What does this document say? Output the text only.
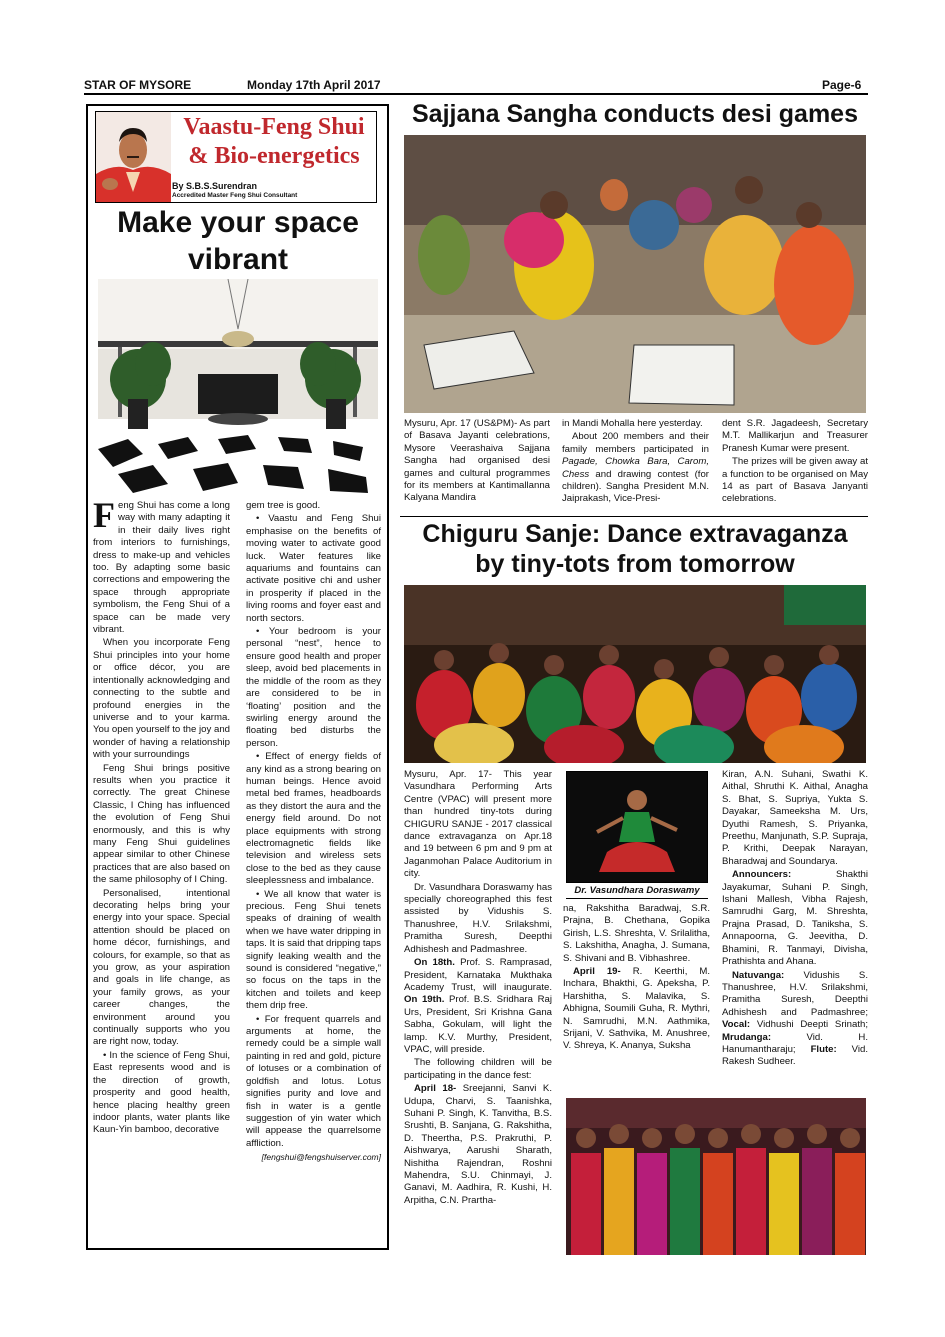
STAR OF MYSORE	Monday 17th April 2017	Page-6
Vaastu-Feng Shui
& Bio-energetics
By S.B.S.Surendran
Accredited Master Feng Shui Consultant
Make your space vibrant

Feng Shui has come a long way with many adapting it in their daily lives right from interiors to furnishings, dress to make-up and vehicles too. By adapting some basic corrections and empowering the space through appropriate symbolism, the Feng Shui of a space can be made very vibrant.

When you incorporate Feng Shui principles into your home or office décor, you are intentionally acknowledging and connecting to the subtle and profound energies in the universe and to your karma. You open yourself to the joy and wonder of having a relationship with your surroundings

Feng Shui brings positive results when you practice it correctly. The great Chinese Classic, I Ching has influenced the evolution of Feng Shui enormously, and this is why many Feng Shui guidelines appear similar to other Chinese practices that are also based on the same philosophy of I Ching.

Personalised, intentional decorating helps bring your energy into your space. Special attention should be placed on home décor, furnishings, and colours, for example, so that as you grow, as your aspiration and goals in life change, as your family grows, as your career changes, the environment around you continually supports who you are right now, today.

• In the science of Feng Shui, East represents wood and is the direction of growth, prosperity and good health, hence placing healthy green indoor plants, water plants like Kaun-Yin bamboo, decorative

gem tree is good.

• Vaastu and Feng Shui emphasise on the benefits of moving water to activate good luck. Water features like aquariums and fountains can activate positive chi and usher in prosperity if placed in the living rooms and foyer east and north sectors.

• Your bedroom is your personal “nest”, hence to ensure good health and proper sleep, avoid bed placements in the middle of the room as they are considered to be in ‘floating’ position and the swirling energy around the floating bed disturbs the person.

• Effect of energy fields of any kind as a strong bearing on human beings. Hence avoid metal bed frames, headboards as they distort the aura and the energy field around. Do not place equipments with strong electromagnetic fields like television and wireless sets close to the bed as they cause sleeplessness and imbalance.

• We all know that water is precious. Feng Shui tenets speaks of draining of wealth when we have water dripping in taps. It is said that dripping taps signify leaking wealth and the sound is considered “negative,” so focus on the taps in the kitchen and toilets and keep them drip free.

• For frequent quarrels and arguments at home, the remedy could be a simple wall painting in red and gold, picture of lotuses or a combination of goldfish and lotus. Lotus signifies purity and love and fish in water is a gentle suggestion of yin water which will appease the quarrelsome affliction.

[fengshui@fengshuiserver.com]

Sajjana Sangha conducts desi games

Mysuru, Apr. 17 (US&PM)- As part of Basava Jayanti celebrations, Mysore Veerashaiva Sajjana Sangha had organised desi games and cultural programmes for its members at Kantimallanna Kalyana Mandira

in Mandi Mohalla here yesterday.

About 200 members and their family members participated in Pagade, Chowka Bara, Carom, Chess and drawing contest (for children). Sangha President M.N. Jaiprakash, Vice-Presi-

dent S.R. Jagadeesh, Secretary M.T. Mallikarjun and Treasurer Pranesh Kumar were present.

The prizes will be given away at a function to be organised on May 14 as part of Basava Janyanti celebrations.

Chiguru Sanje: Dance extravaganza
by tiny-tots from tomorrow

Mysuru, Apr. 17- This year Vasundhara Performing Arts Centre (VPAC) will present more than hundred tiny-tots during CHIGURU SANJE - 2017 classical dance extravaganza on Apr.18 and 19 between 6 pm and 9 pm at Jaganmohan Palace Auditorium in city.

Dr. Vasundhara Doraswamy has specially choreographed this fest assisted by Vidushis S. Thanushree, H.V. Srilakshmi, Pramitha Suresh, Deepthi Adhishesh and Padmashree.

On 18th. Prof. S. Ramprasad, President, Karnataka Mukthaka Academy Trust, will inaugurate. On 19th. Prof. B.S. Sridhara Raj Urs, President, Sri Krishna Gana Sabha, Gokulam, will light the lamp. K.V. Murthy, President, VPAC, will preside.

The following children will be participating in the dance fest:

April 18- Sreejanni, Sanvi K. Udupa, Charvi, S. Taanishka, Suhani P. Singh, K. Tanvitha, B.S. Srushti, B. Sanjana, G. Rakshitha, D. Theertha, P.S. Prakruthi, P. Aishwarya, Aarushi Sharath, Nishitha Rajendran, Roshni Mahendra, S.U. Chinmayi, J. Ganavi, M. Aadhira, R. Kushi, H. Arpitha, C.N. Prartha-

Dr. Vasundhara Doraswamy

na, Rakshitha Baradwaj, S.R. Prajna, B. Chethana, Gopika Girish, L.S. Shreshta, V. Srilalitha, S. Lakshitha, Anagha, J. Sumana, S. Shivani and B. Vibhashree.

April 19- R. Keerthi, M. Inchara, Bhakthi, G. Apeksha, P. Harshitha, S. Malavika, S. Abhigna, Soumili Guha, R. Mythri, N. Samrudhi, M.N. Aathmika, Srijani, V. Sathvika, M. Anushree, V. Shreya, K. Ananya, Suksha

Kiran, A.N. Suhani, Swathi K. Aithal, Shruthi K. Aithal, Anagha S. Bhat, S. Supriya, Yukta S. Dayakar, Sameeksha M. Urs, Dyuthi Ramesh, S. Priyanka, Preethu, Manjunath, S.P. Supraja, P. Krithi, Deepak Narayan, Bharadwaj and Soundarya.

Announcers: Shakthi Jayakumar, Suhani P. Singh, Ishani Mallesh, Vibha Rajesh, Samrudhi Garg, M. Shreshta, Prajna Prasad, D. Taniksha, S. Annapoorna, G. Jeevitha, D. Bhamini, R. Tanmayi, Divisha, Prathishta and Ahana.

Natuvanga: Vidushis S. Thanushree, H.V. Srilakshmi, Pramitha Suresh, Deepthi Adhishesh and Padmashree; Vocal: Vidhushi Deepti Srinath; Mrudanga: Vid. H. Hanumantharaju; Flute: Vid. Rakesh Sudheer.
